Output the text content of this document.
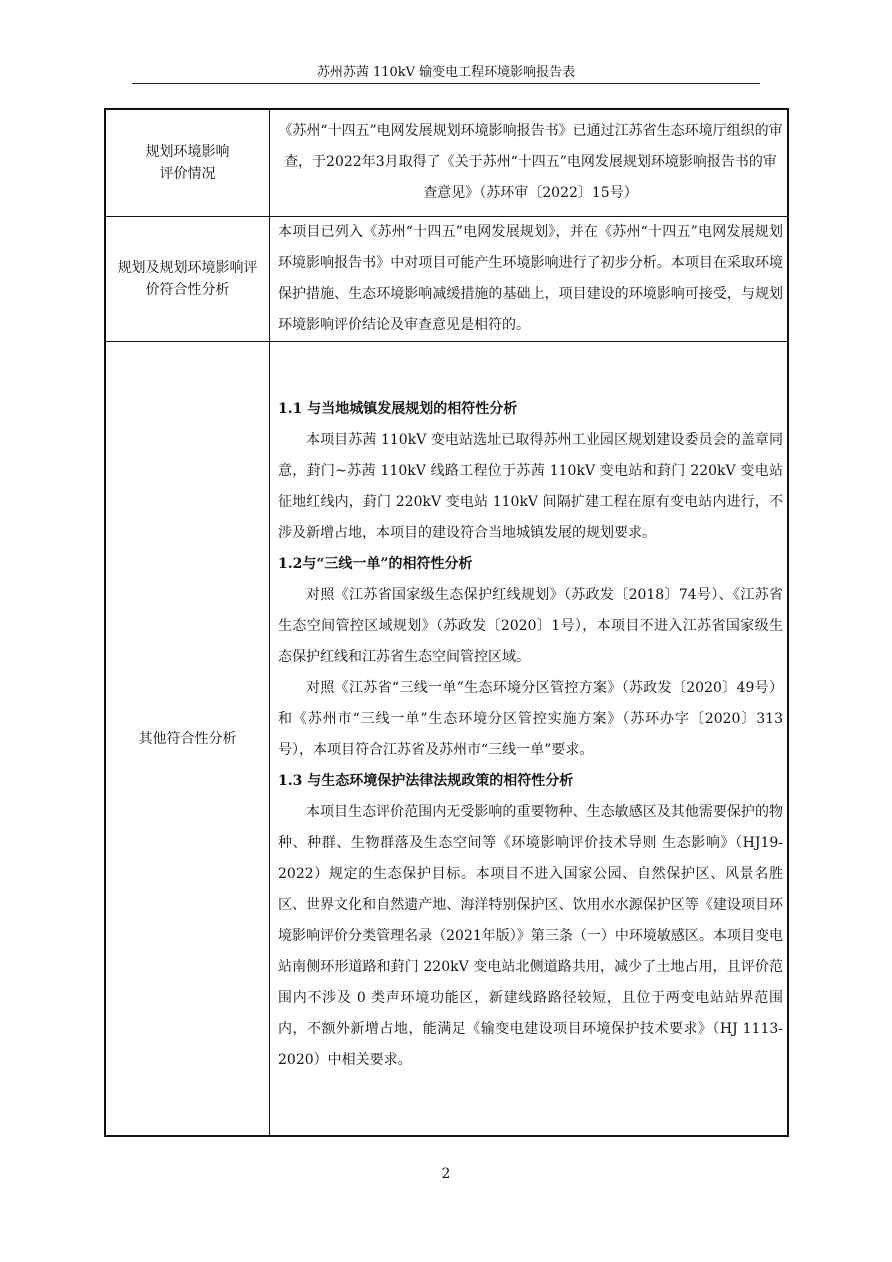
苏州苏茜 110kV 输变电工程环境影响报告表
规划环境影响
评价情况
《苏州“十四五”电网发展规划环境影响报告书》已通过江苏省生态环境厅组织的审查，于2022年3月取得了《关于苏州“十四五”电网发展规划环境影响报告书的审查意见》（苏环审〔2022〕15号）
规划及规划环境影响评
价符合性分析
本项目已列入《苏州“十四五”电网发展规划》，并在《苏州“十四五”电网发展规划环境影响报告书》中对项目可能产生环境影响进行了初步分析。本项目在采取环境保护措施、生态环境影响减缓措施的基础上，项目建设的环境影响可接受，与规划环境影响评价结论及审查意见是相符的。
其他符合性分析
1.1 与当地城镇发展规划的相符性分析
本项目苏茜 110kV 变电站选址已取得苏州工业园区规划建设委员会的盖章同意，葑门~苏茜 110kV 线路工程位于苏茜 110kV 变电站和葑门 220kV 变电站征地红线内，葑门 220kV 变电站 110kV 间隔扩建工程在原有变电站内进行，不涉及新增占地，本项目的建设符合当地城镇发展的规划要求。
1.2与“三线一单”的相符性分析
对照《江苏省国家级生态保护红线规划》（苏政发〔2018〕74号）、《江苏省生态空间管控区域规划》（苏政发〔2020〕1号），本项目不进入江苏省国家级生态保护红线和江苏省生态空间管控区域。
对照《江苏省“三线一单”生态环境分区管控方案》（苏政发〔2020〕49号）和《苏州市“三线一单”生态环境分区管控实施方案》（苏环办字〔2020〕313号），本项目符合江苏省及苏州市“三线一单”要求。
1.3 与生态环境保护法律法规政策的相符性分析
本项目生态评价范围内无受影响的重要物种、生态敏感区及其他需要保护的物种、种群、生物群落及生态空间等《环境影响评价技术导则 生态影响》（HJ19-2022）规定的生态保护目标。本项目不进入国家公园、自然保护区、风景名胜区、世界文化和自然遗产地、海洋特别保护区、饮用水水源保护区等《建设项目环境影响评价分类管理名录（2021年版）》第三条（一）中环境敏感区。本项目变电站南侧环形道路和葑门 220kV 变电站北侧道路共用，减少了土地占用，且评价范围内不涉及 0 类声环境功能区，新建线路路径较短，且位于两变电站站界范围内，不额外新增占地，能满足《输变电建设项目环境保护技术要求》（HJ 1113-2020）中相关要求。
2
